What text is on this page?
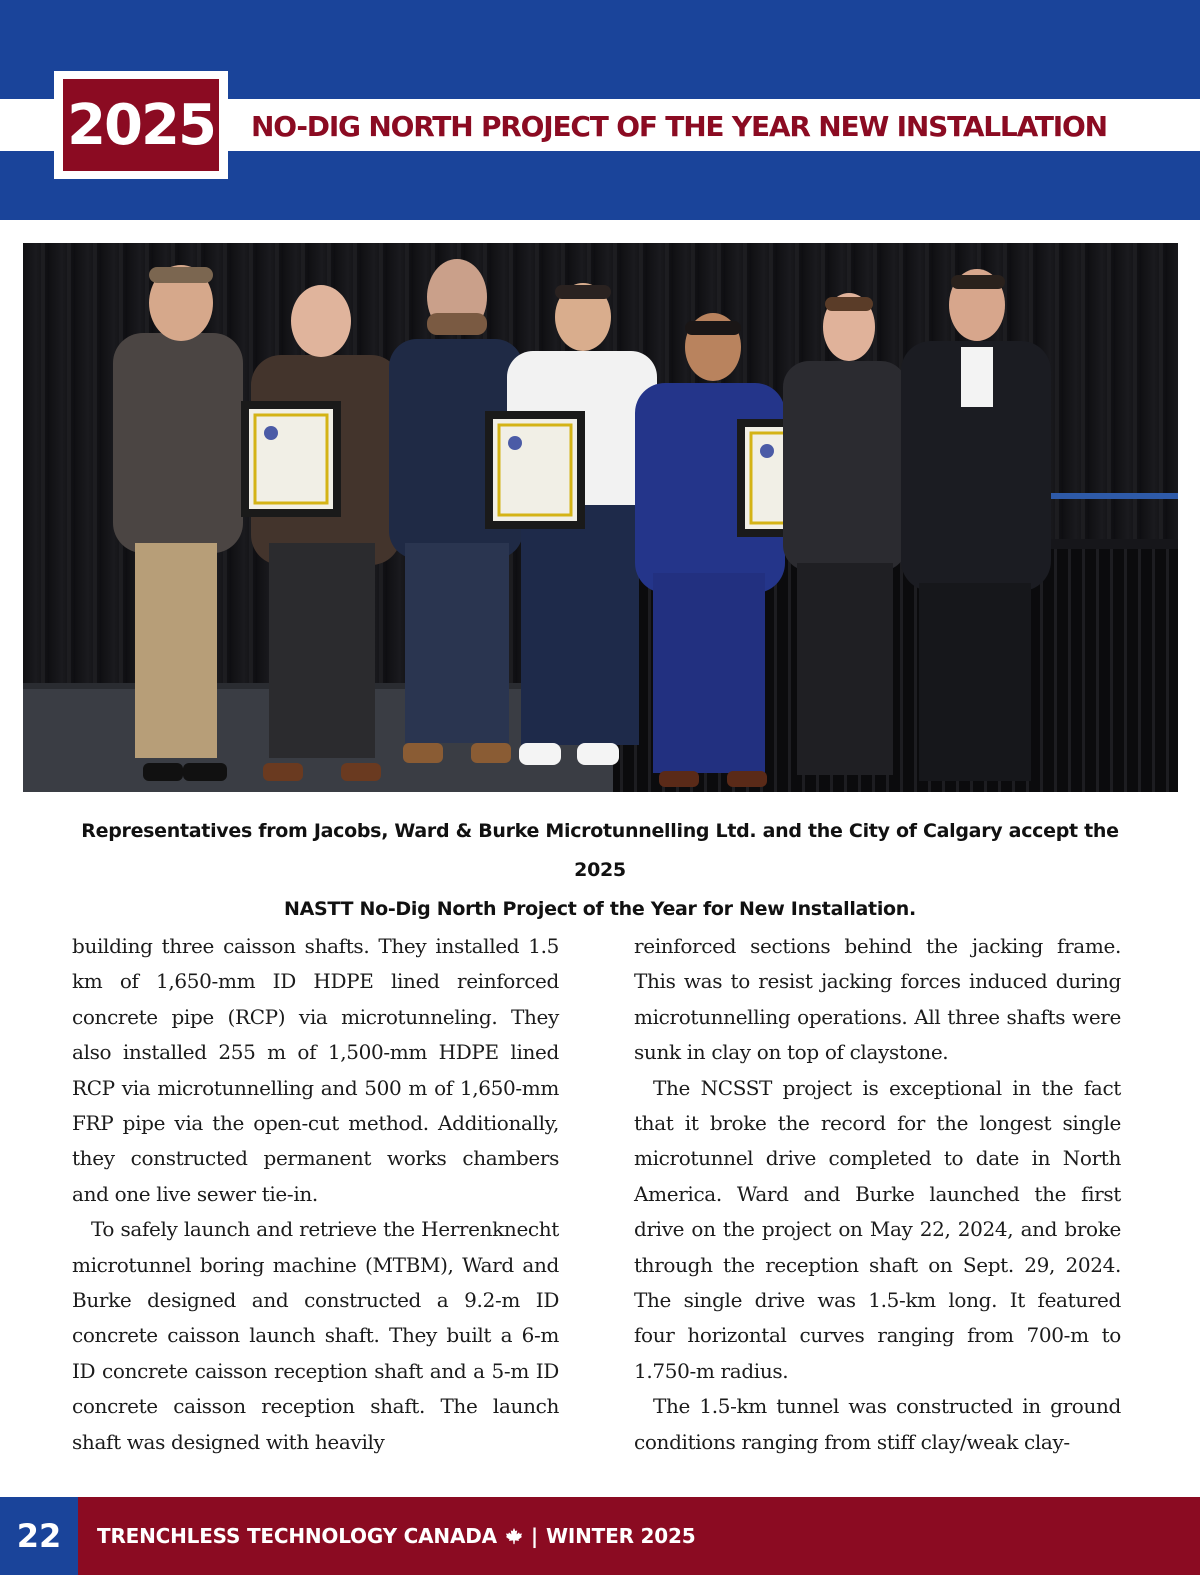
2025 NO-DIG NORTH PROJECT OF THE YEAR NEW INSTALLATION
Representatives from Jacobs, Ward & Burke Microtunnelling Ltd. and the City of Calgary accept the 2025
NASTT No-Dig North Project of the Year for New Installation.

building three caisson shafts. They installed 1.5 km of 1,650-mm ID HDPE lined reinforced concrete pipe (RCP) via microtunneling. They also installed 255 m of 1,500-mm HDPE lined RCP via microtunnelling and 500 m of 1,650-mm FRP pipe via the open-cut method. Additionally, they constructed permanent works chambers and one live sewer tie-in.

To safely launch and retrieve the Herrenknecht microtunnel boring machine (MTBM), Ward and Burke designed and constructed a 9.2-m ID concrete caisson launch shaft. They built a 6-m ID concrete caisson reception shaft and a 5-m ID concrete caisson reception shaft. The launch shaft was designed with heavily

reinforced sections behind the jacking frame. This was to resist jacking forces induced during microtunnelling operations. All three shafts were sunk in clay on top of claystone.

The NCSST project is exceptional in the fact that it broke the record for the longest single microtunnel drive completed to date in North America. Ward and Burke launched the first drive on the project on May 22, 2024, and broke through the reception shaft on Sept. 29, 2024. The single drive was 1.5-km long. It featured four horizontal curves ranging from 700-m to 1.750-m radius.

The 1.5-km tunnel was constructed in ground conditions ranging from stiff clay/weak clay-

22	TRENCHLESS TECHNOLOGY CANADA | WINTER 2025
